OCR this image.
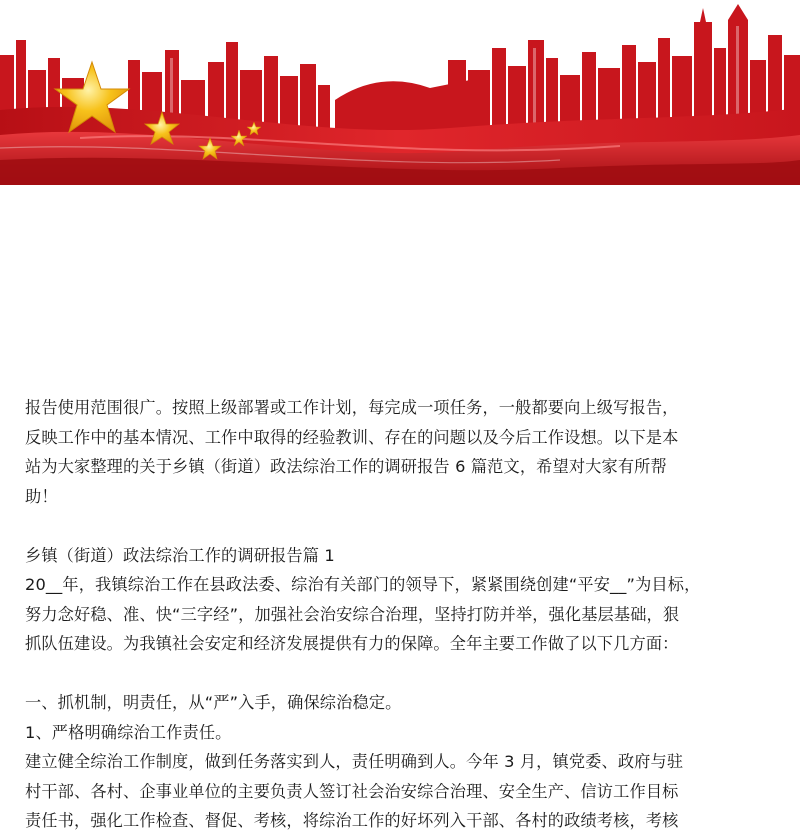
报告使用范围很广。按照上级部署或工作计划，每完成一项任务，一般都要向上级写报告，

反映工作中的基本情况、工作中取得的经验教训、存在的问题以及今后工作设想。以下是本

站为大家整理的关于乡镇（街道）政法综治工作的调研报告 6 篇范文，希望对大家有所帮

助！

乡镇（街道）政法综治工作的调研报告篇 1

20__年，我镇综治工作在县政法委、综治有关部门的领导下，紧紧围绕创建“平安__”为目标，

努力念好稳、准、快“三字经”，加强社会治安综合治理，坚持打防并举，强化基层基础，狠

抓队伍建设。为我镇社会安定和经济发展提供有力的保障。全年主要工作做了以下几方面：

一、抓机制，明责任，从“严”入手，确保综治稳定。

1、严格明确综治工作责任。

建立健全综治工作制度，做到任务落实到人，责任明确到人。今年 3 月，镇党委、政府与驻

村干部、各村、企事业单位的主要负责人签订社会治安综合治理、安全生产、信访工作目标

责任书，强化工作检查、督促、考核，将综治工作的好坏列入干部、各村的政绩考核，考核
